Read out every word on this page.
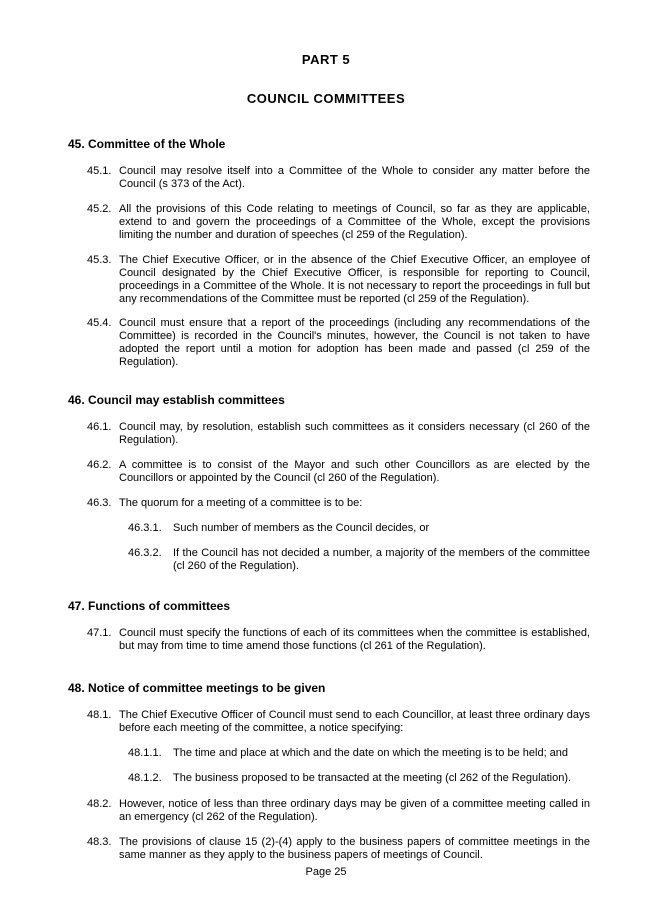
PART 5
COUNCIL COMMITTEES
45. Committee of the Whole
45.1. Council may resolve itself into a Committee of the Whole to consider any matter before the Council (s 373 of the Act).
45.2. All the provisions of this Code relating to meetings of Council, so far as they are applicable, extend to and govern the proceedings of a Committee of the Whole, except the provisions limiting the number and duration of speeches (cl 259 of the Regulation).
45.3. The Chief Executive Officer, or in the absence of the Chief Executive Officer, an employee of Council designated by the Chief Executive Officer, is responsible for reporting to Council, proceedings in a Committee of the Whole. It is not necessary to report the proceedings in full but any recommendations of the Committee must be reported (cl 259 of the Regulation).
45.4. Council must ensure that a report of the proceedings (including any recommendations of the Committee) is recorded in the Council's minutes, however, the Council is not taken to have adopted the report until a motion for adoption has been made and passed (cl 259 of the Regulation).
46. Council may establish committees
46.1. Council may, by resolution, establish such committees as it considers necessary (cl 260 of the Regulation).
46.2. A committee is to consist of the Mayor and such other Councillors as are elected by the Councillors or appointed by the Council (cl 260 of the Regulation).
46.3. The quorum for a meeting of a committee is to be:
46.3.1. Such number of members as the Council decides, or
46.3.2. If the Council has not decided a number, a majority of the members of the committee (cl 260 of the Regulation).
47. Functions of committees
47.1. Council must specify the functions of each of its committees when the committee is established, but may from time to time amend those functions (cl 261 of the Regulation).
48. Notice of committee meetings to be given
48.1. The Chief Executive Officer of Council must send to each Councillor, at least three ordinary days before each meeting of the committee, a notice specifying:
48.1.1. The time and place at which and the date on which the meeting is to be held; and
48.1.2. The business proposed to be transacted at the meeting (cl 262 of the Regulation).
48.2. However, notice of less than three ordinary days may be given of a committee meeting called in an emergency (cl 262 of the Regulation).
48.3. The provisions of clause 15 (2)-(4) apply to the business papers of committee meetings in the same manner as they apply to the business papers of meetings of Council.
Page 25
